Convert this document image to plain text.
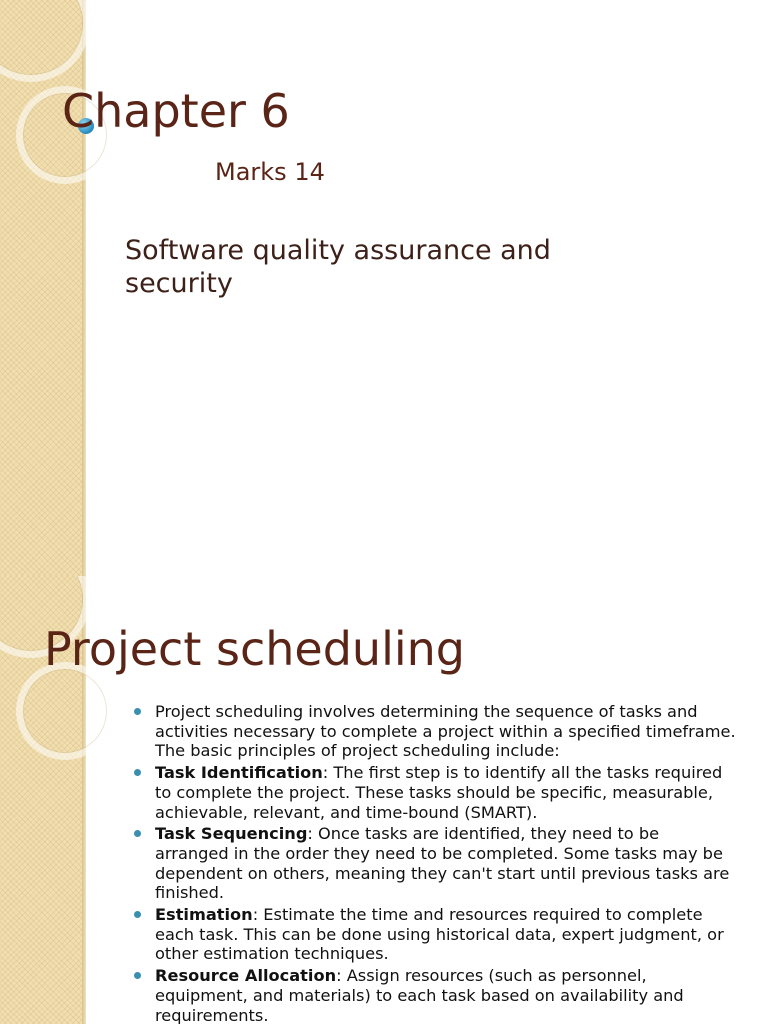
Chapter 6
Marks 14
Software quality assurance and security
Project scheduling
Project scheduling involves determining the sequence of tasks and activities necessary to complete a project within a specified timeframe. The basic principles of project scheduling include:
Task Identification: The first step is to identify all the tasks required to complete the project. These tasks should be specific, measurable, achievable, relevant, and time-bound (SMART).
Task Sequencing: Once tasks are identified, they need to be arranged in the order they need to be completed. Some tasks may be dependent on others, meaning they can't start until previous tasks are finished.
Estimation: Estimate the time and resources required to complete each task. This can be done using historical data, expert judgment, or other estimation techniques.
Resource Allocation: Assign resources (such as personnel, equipment, and materials) to each task based on availability and requirements.
